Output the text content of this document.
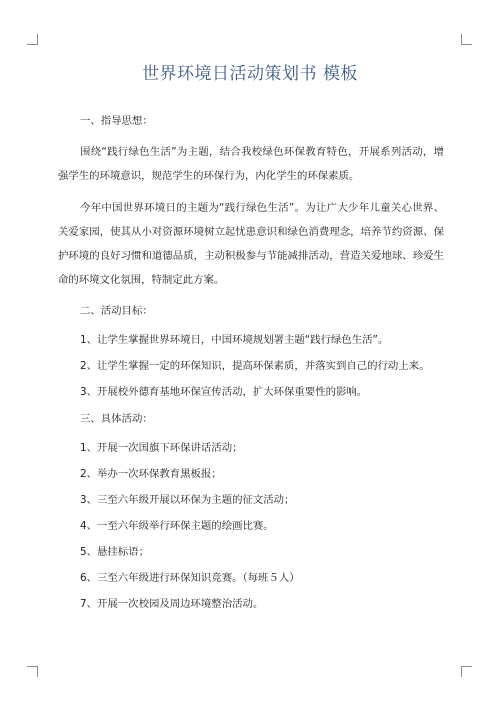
世界环境日活动策划书 模板
一、指导思想：

围绕“践行绿色生活”为主题，结合我校绿色环保教育特色，开展系列活动，增强学生的环境意识，规范学生的环保行为，内化学生的环保素质。

今年中国世界环境日的主题为“践行绿色生活”。为让广大少年儿童关心世界、关爱家园，使其从小对资源环境树立起忧患意识和绿色消费理念，培养节约资源、保护环境的良好习惯和道德品质，主动积极参与节能减排活动，营造关爱地球、珍爱生命的环境文化氛围，特制定此方案。

二、活动目标：
1、让学生掌握世界环境日，中国环境规划署主题“践行绿色生活”。
2、让学生掌握一定的环保知识，提高环保素质，并落实到自己的行动上来。
3、开展校外德育基地环保宣传活动，扩大环保重要性的影响。
三、具体活动：
1、开展一次国旗下环保讲话活动；
2、举办一次环保教育黑板报；
3、三至六年级开展以环保为主题的征文活动；
4、一至六年级举行环保主题的绘画比赛。
5、悬挂标语；
6、三至六年级进行环保知识竞赛。（每班５人）
7、开展一次校园及周边环境整治活动。
